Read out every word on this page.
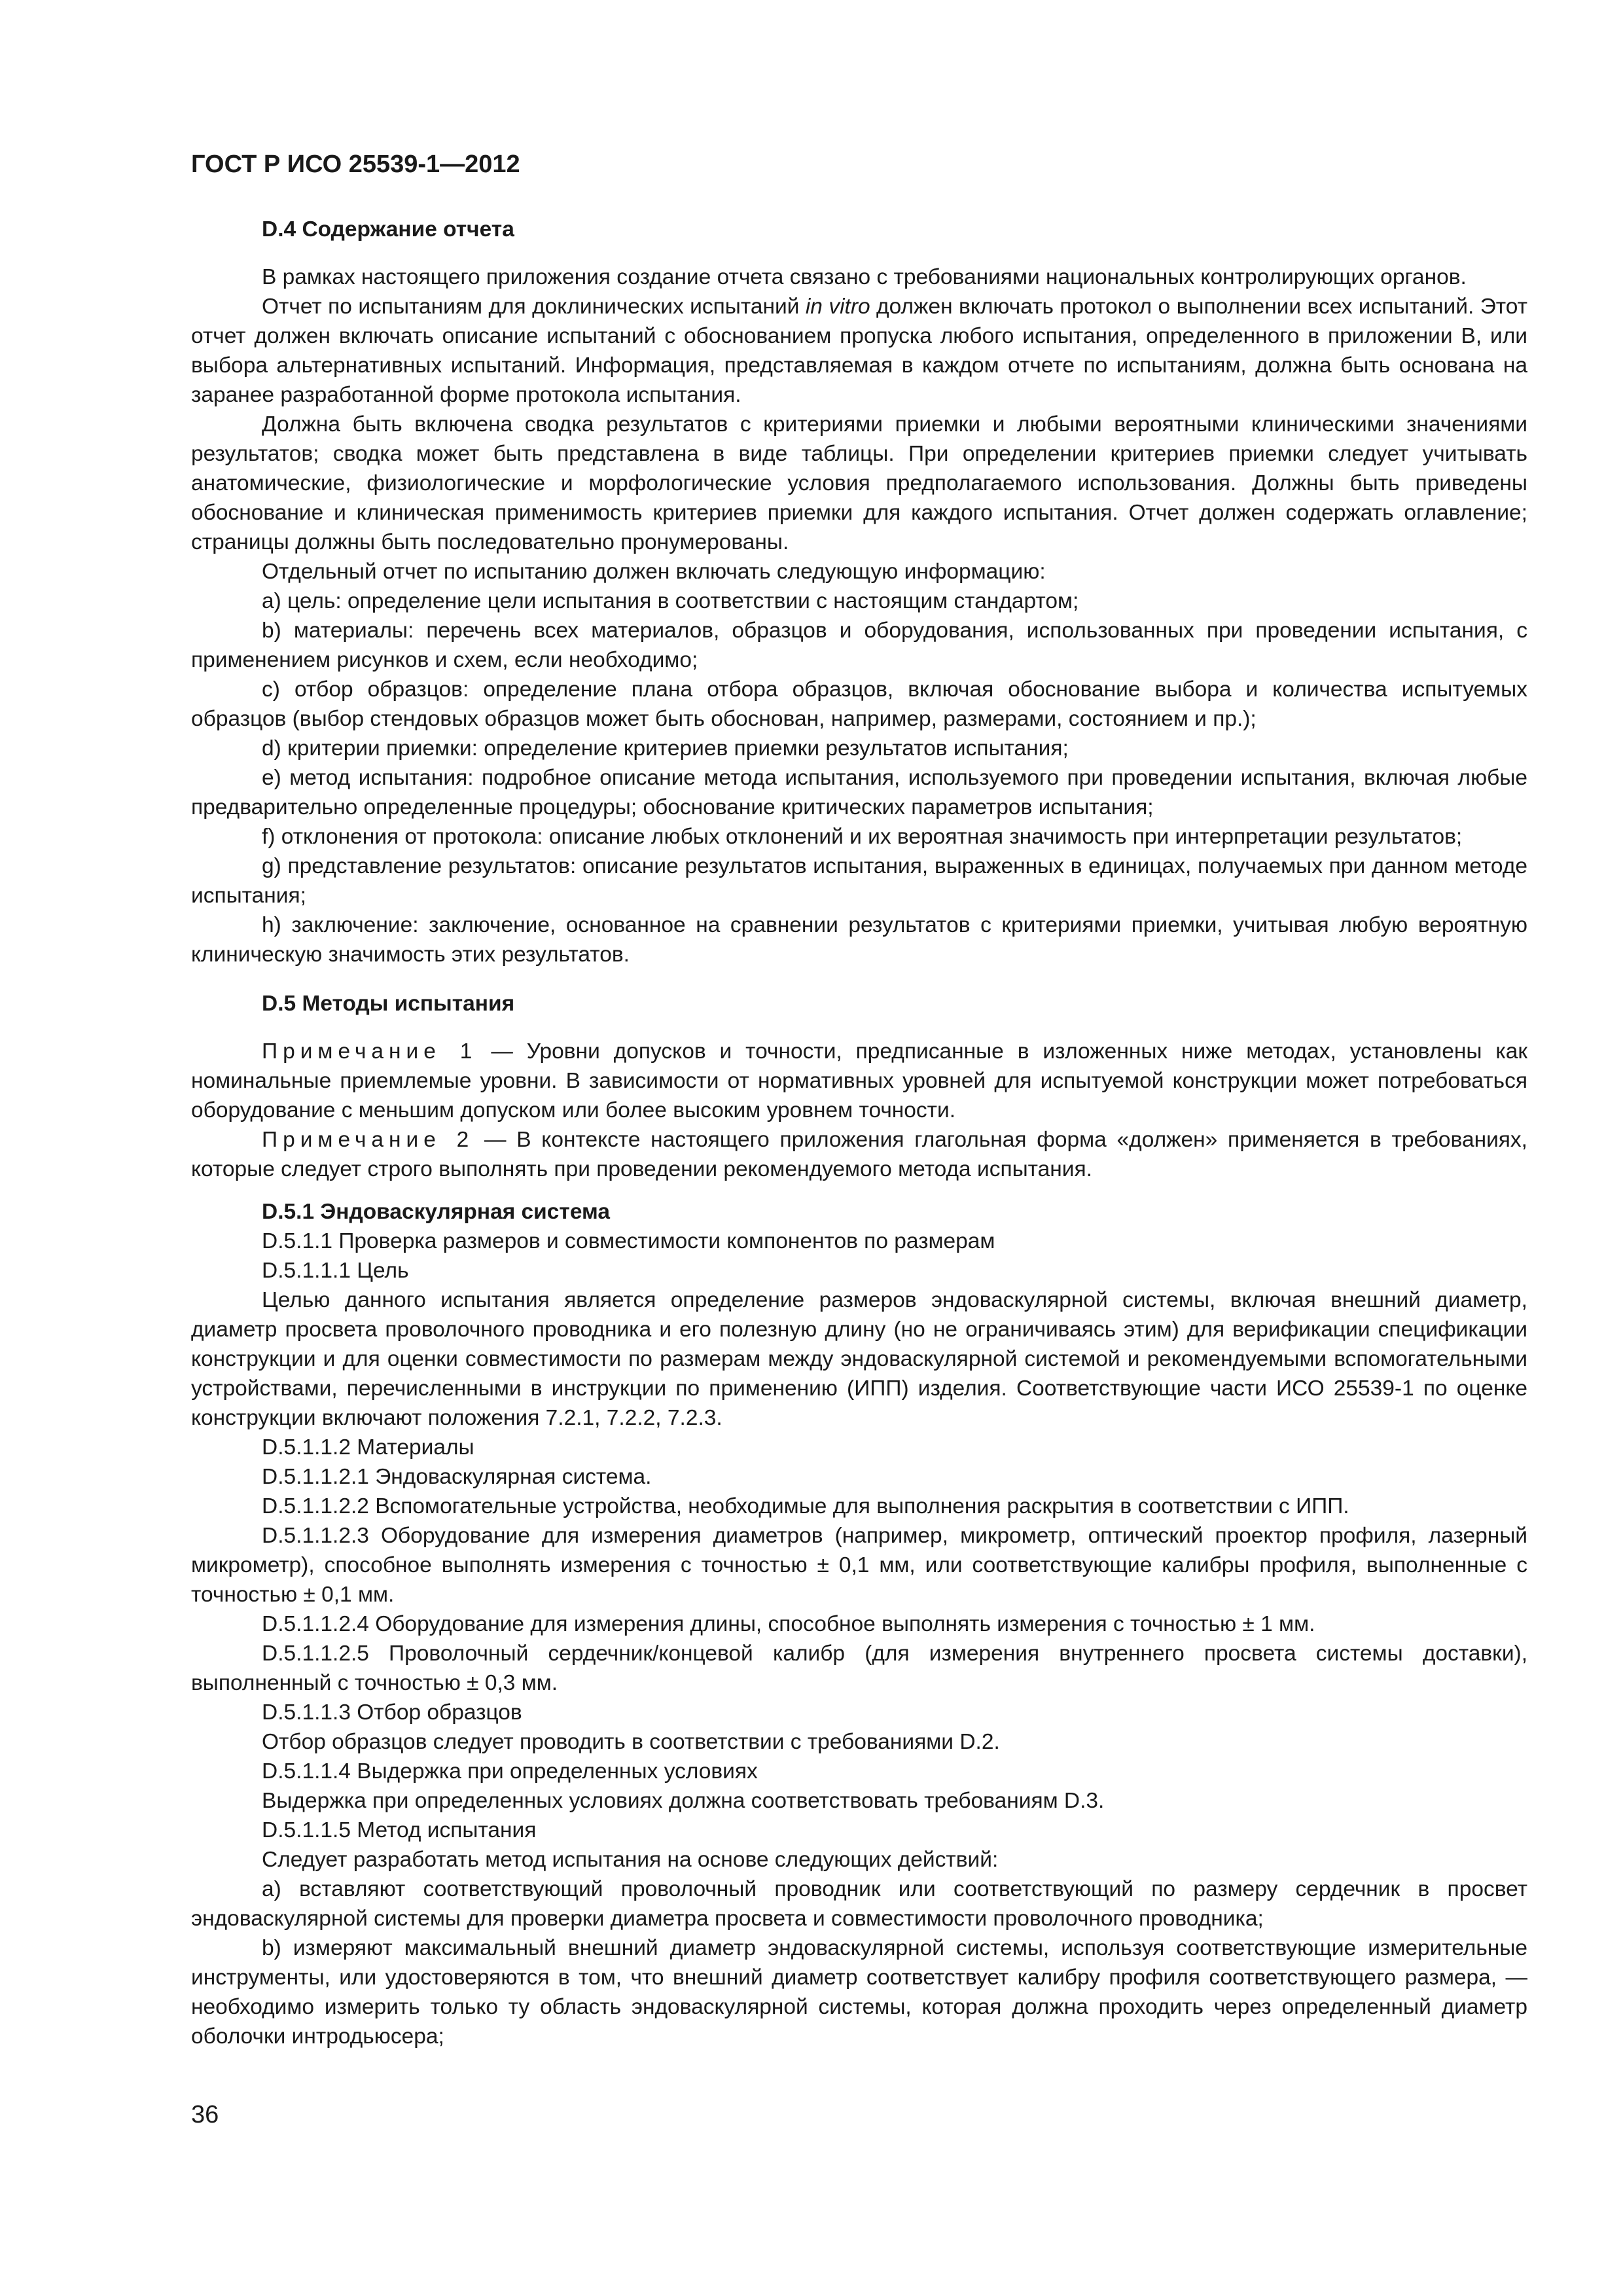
ГОСТ Р ИСО 25539-1—2012
D.4 Содержание отчета

В рамках настоящего приложения создание отчета связано с требованиями национальных контролирующих органов.

Отчет по испытаниям для доклинических испытаний in vitro должен включать протокол о выполнении всех испытаний. Этот отчет должен включать описание испытаний с обоснованием пропуска любого испытания, определенного в приложении B, или выбора альтернативных испытаний. Информация, представляемая в каждом отчете по испытаниям, должна быть основана на заранее разработанной форме протокола испытания.

Должна быть включена сводка результатов с критериями приемки и любыми вероятными клиническими значениями результатов; сводка может быть представлена в виде таблицы. При определении критериев приемки следует учитывать анатомические, физиологические и морфологические условия предполагаемого использования. Должны быть приведены обоснование и клиническая применимость критериев приемки для каждого испытания. Отчет должен содержать оглавление; страницы должны быть последовательно пронумерованы.

Отдельный отчет по испытанию должен включать следующую информацию:

a) цель: определение цели испытания в соответствии с настоящим стандартом;

b) материалы: перечень всех материалов, образцов и оборудования, использованных при проведении испытания, с применением рисунков и схем, если необходимо;

c) отбор образцов: определение плана отбора образцов, включая обоснование выбора и количества испытуемых образцов (выбор стендовых образцов может быть обоснован, например, размерами, состоянием и пр.);

d) критерии приемки: определение критериев приемки результатов испытания;

e) метод испытания: подробное описание метода испытания, используемого при проведении испытания, включая любые предварительно определенные процедуры; обоснование критических параметров испытания;

f) отклонения от протокола: описание любых отклонений и их вероятная значимость при интерпретации результатов;

g) представление результатов: описание результатов испытания, выраженных в единицах, получаемых при данном методе испытания;

h) заключение: заключение, основанное на сравнении результатов с критериями приемки, учитывая любую вероятную клиническую значимость этих результатов.

D.5 Методы испытания

Примечание 1 — Уровни допусков и точности, предписанные в изложенных ниже методах, установлены как номинальные приемлемые уровни. В зависимости от нормативных уровней для испытуемой конструкции может потребоваться оборудование с меньшим допуском или более высоким уровнем точности.

Примечание 2 — В контексте настоящего приложения глагольная форма «должен» применяется в требованиях, которые следует строго выполнять при проведении рекомендуемого метода испытания.

D.5.1 Эндоваскулярная система

D.5.1.1 Проверка размеров и совместимости компонентов по размерам

D.5.1.1.1 Цель

Целью данного испытания является определение размеров эндоваскулярной системы, включая внешний диаметр, диаметр просвета проволочного проводника и его полезную длину (но не ограничиваясь этим) для верификации спецификации конструкции и для оценки совместимости по размерам между эндоваскулярной системой и рекомендуемыми вспомогательными устройствами, перечисленными в инструкции по применению (ИПП) изделия. Соответствующие части ИСО 25539-1 по оценке конструкции включают положения 7.2.1, 7.2.2, 7.2.3.

D.5.1.1.2 Материалы

D.5.1.1.2.1 Эндоваскулярная система.

D.5.1.1.2.2 Вспомогательные устройства, необходимые для выполнения раскрытия в соответствии с ИПП.

D.5.1.1.2.3 Оборудование для измерения диаметров (например, микрометр, оптический проектор профиля, лазерный микрометр), способное выполнять измерения с точностью ± 0,1 мм, или соответствующие калибры профиля, выполненные с точностью ± 0,1 мм.

D.5.1.1.2.4 Оборудование для измерения длины, способное выполнять измерения с точностью ± 1 мм.

D.5.1.1.2.5 Проволочный сердечник/концевой калибр (для измерения внутреннего просвета системы доставки), выполненный с точностью ± 0,3 мм.

D.5.1.1.3 Отбор образцов

Отбор образцов следует проводить в соответствии с требованиями D.2.

D.5.1.1.4 Выдержка при определенных условиях

Выдержка при определенных условиях должна соответствовать требованиям D.3.

D.5.1.1.5 Метод испытания

Следует разработать метод испытания на основе следующих действий:

a) вставляют соответствующий проволочный проводник или соответствующий по размеру сердечник в просвет эндоваскулярной системы для проверки диаметра просвета и совместимости проволочного проводника;

b) измеряют максимальный внешний диаметр эндоваскулярной системы, используя соответствующие измерительные инструменты, или удостоверяются в том, что внешний диаметр соответствует калибру профиля соответствующего размера, — необходимо измерить только ту область эндоваскулярной системы, которая должна проходить через определенный диаметр оболочки интродьюсера;

36
